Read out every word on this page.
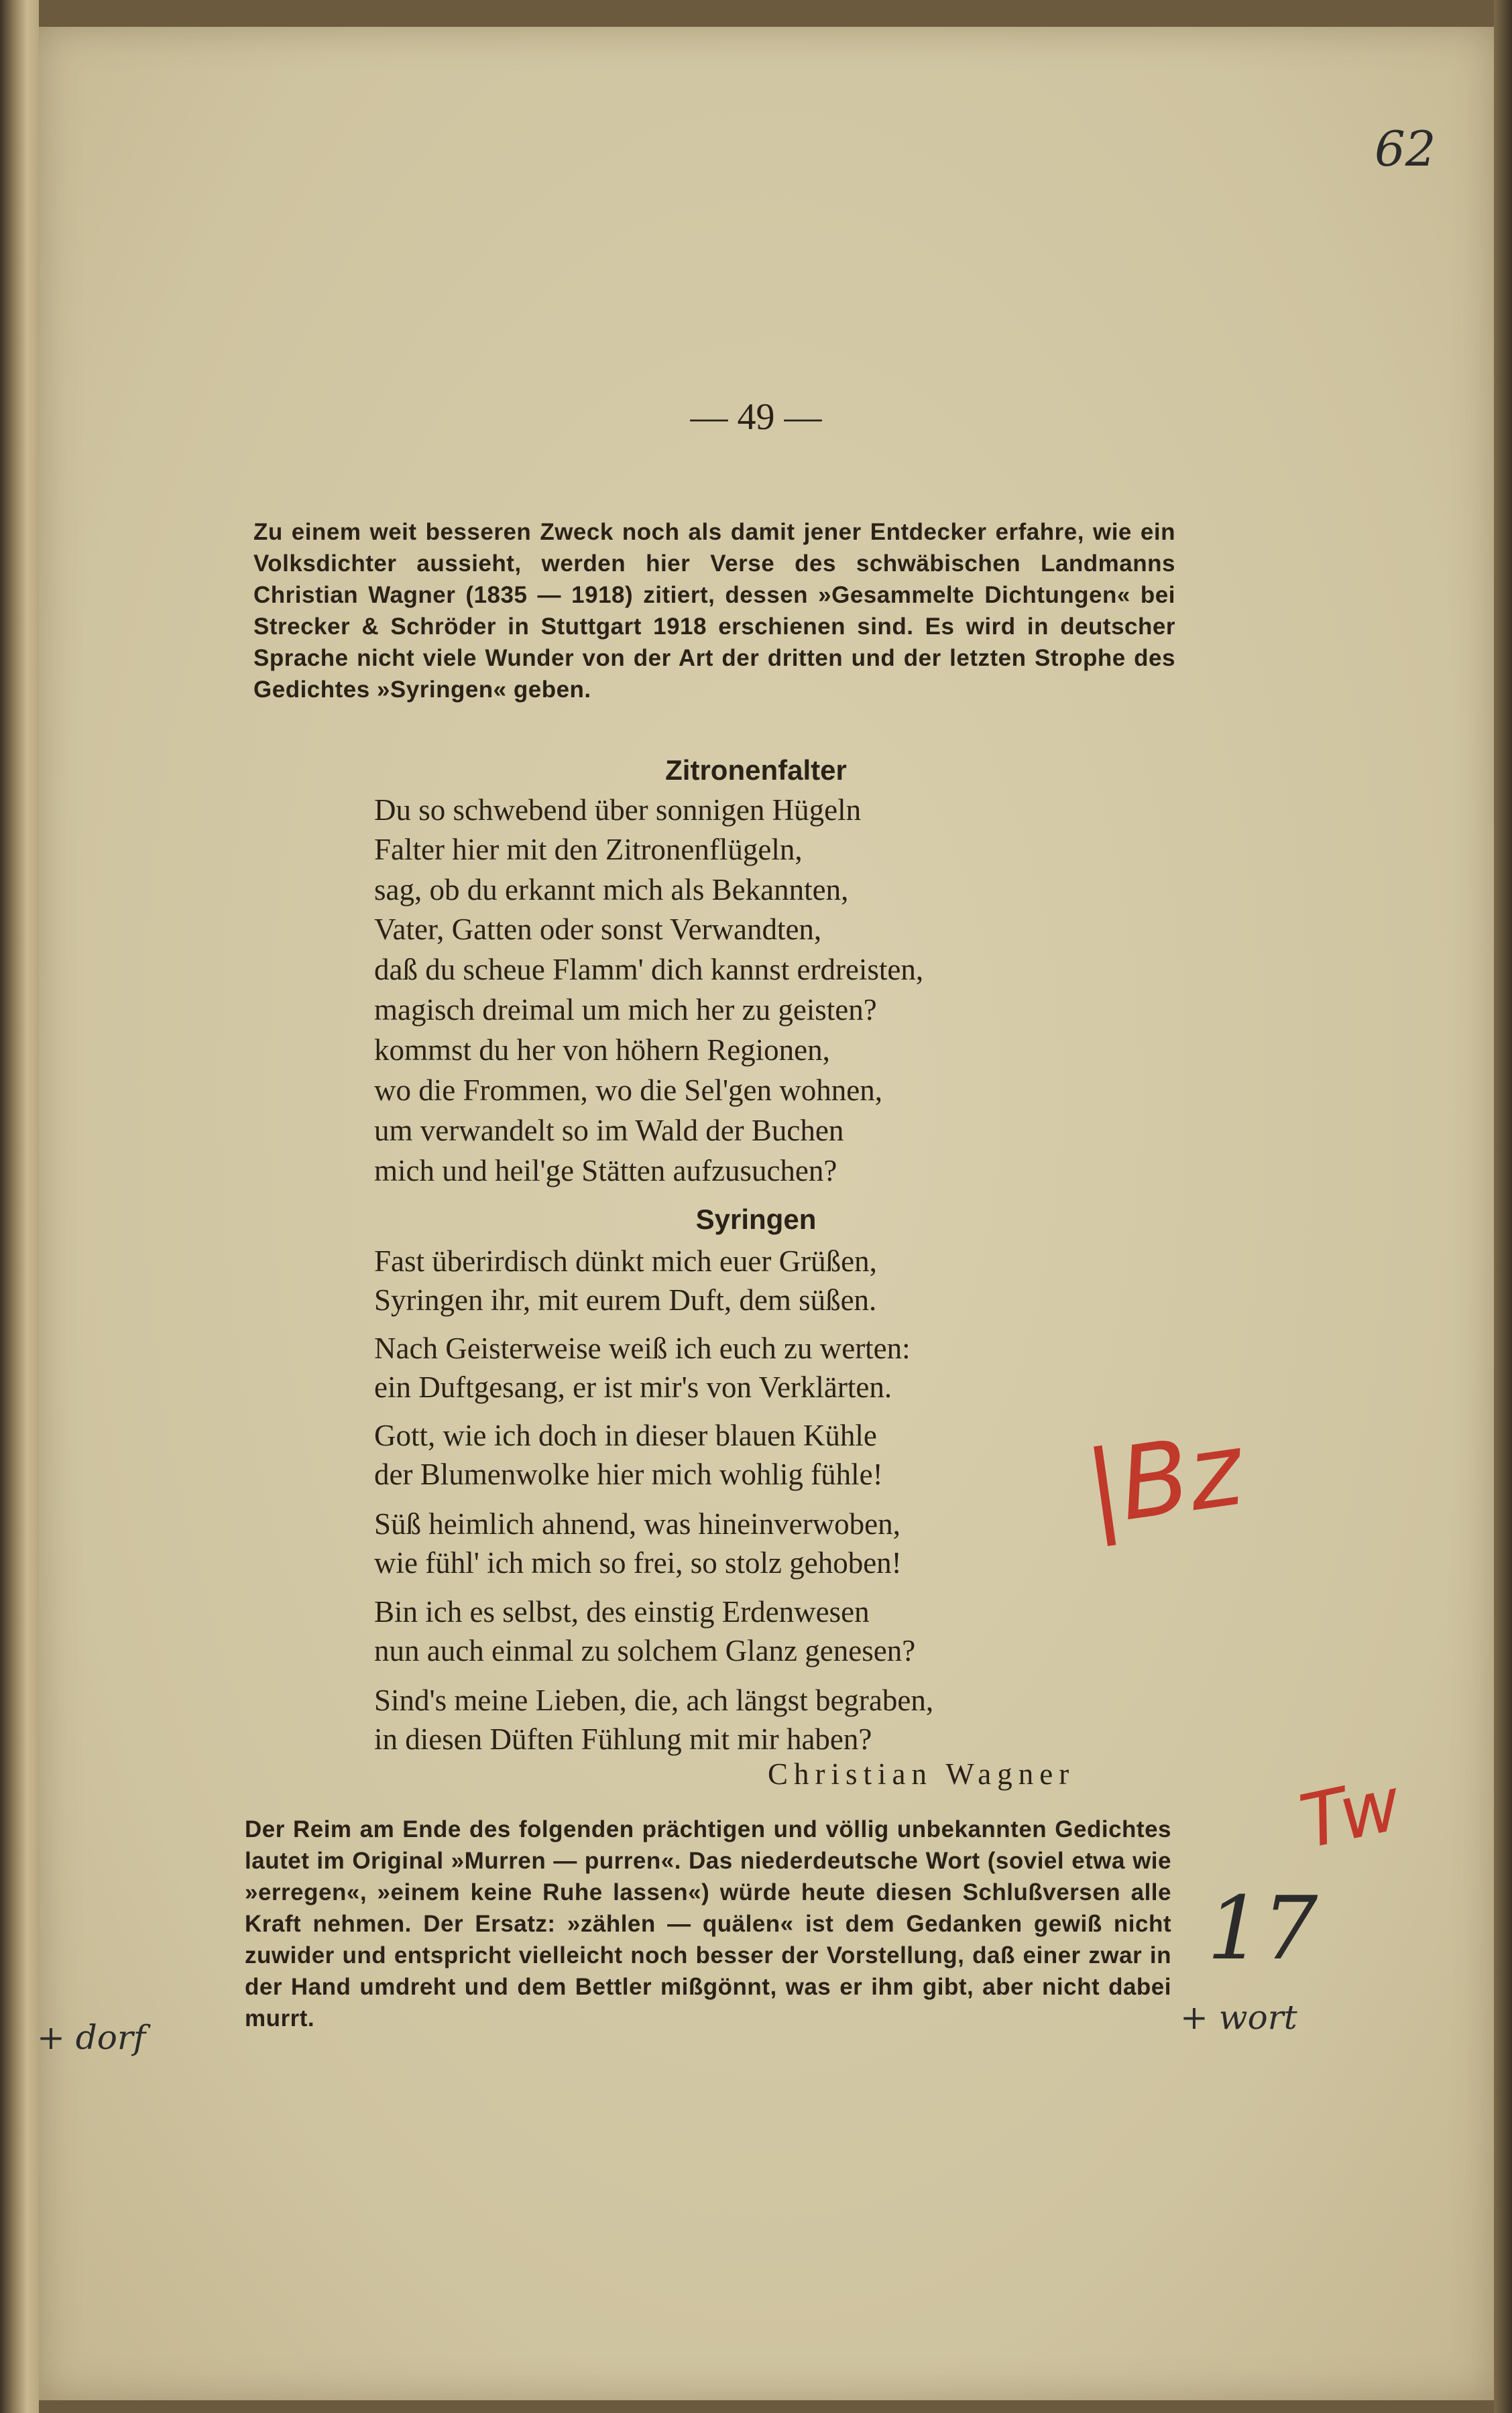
62
— 49 —
Zu einem weit besseren Zweck noch als damit jener Entdecker erfahre, wie ein Volksdichter aussieht, werden hier Verse des schwäbischen Landmanns Christian Wagner (1835 — 1918) zitiert, dessen »Gesammelte Dichtungen« bei Strecker & Schröder in Stuttgart 1918 erschienen sind. Es wird in deutscher Sprache nicht viele Wunder von der Art der dritten und der letzten Strophe des Gedichtes »Syringen« geben.
Zitronenfalter
Du so schwebend über sonnigen Hügeln
Falter hier mit den Zitronenflügeln,
sag, ob du erkannt mich als Bekannten,
Vater, Gatten oder sonst Verwandten,
daß du scheue Flamm' dich kannst erdreisten,
magisch dreimal um mich her zu geisten?
kommst du her von höhern Regionen,
wo die Frommen, wo die Sel'gen wohnen,
um verwandelt so im Wald der Buchen
mich und heil'ge Stätten aufzusuchen?
Syringen
Fast überirdisch dünkt mich euer Grüßen,
Syringen ihr, mit eurem Duft, dem süßen.
Nach Geisterweise weiß ich euch zu werten:
ein Duftgesang, er ist mir's von Verklärten.
Gott, wie ich doch in dieser blauen Kühle
der Blumenwolke hier mich wohlig fühle!
Süß heimlich ahnend, was hineinverwoben,
wie fühl' ich mich so frei, so stolz gehoben!
Bin ich es selbst, des einstig Erdenwesen
nun auch einmal zu solchem Glanz genesen?
Sind's meine Lieben, die, ach längst begraben,
in diesen Düften Fühlung mit mir haben?
Christian Wagner
Der Reim am Ende des folgenden prächtigen und völlig unbekannten Gedichtes lautet im Original »Murren — purren«. Das niederdeutsche Wort (soviel etwa wie »erregen«, »einem keine Ruhe lassen«) würde heute diesen Schlußversen alle Kraft nehmen. Der Ersatz: »zählen — quälen« ist dem Gedanken gewiß nicht zuwider und entspricht vielleicht noch besser der Vorstellung, daß einer zwar in der Hand umdreht und dem Bettler mißgönnt, was er ihm gibt, aber nicht dabei murrt.
|Bz
Tw
17
+ wort
+ dorf
